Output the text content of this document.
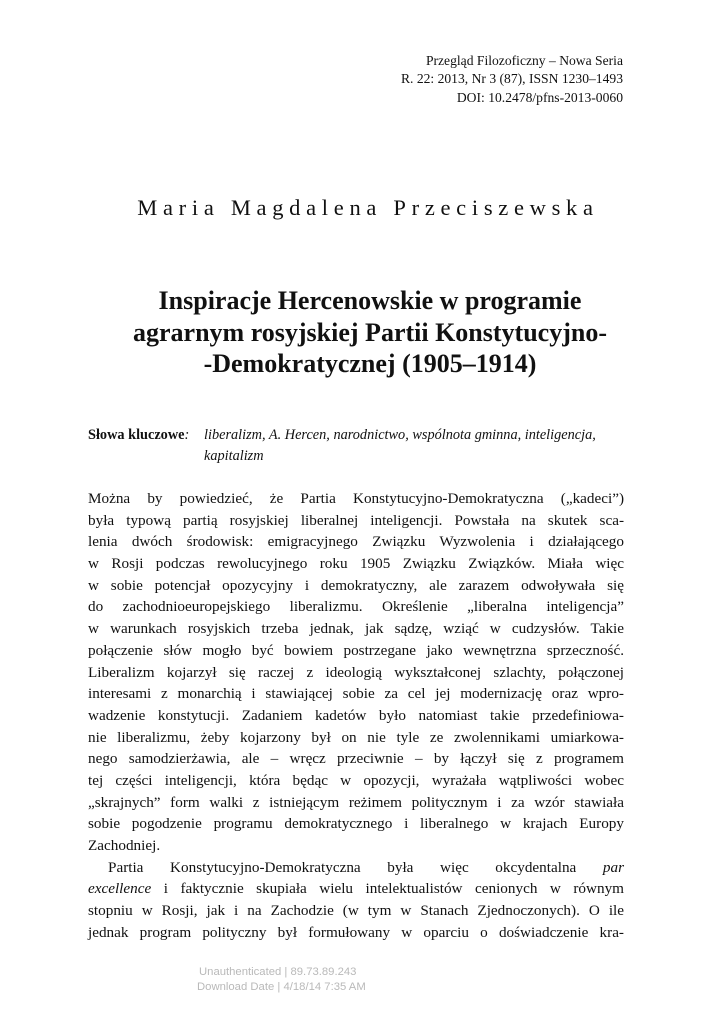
Przegląd Filozoficzny – Nowa Seria
R. 22: 2013, Nr 3 (87), ISSN 1230–1493
DOI: 10.2478/pfns-2013-0060
Maria Magdalena Przeciszewska
Inspiracje Hercenowskie w programie
agrarnym rosyjskiej Partii Konstytucyjno-
-Demokratycznej (1905–1914)
Słowa kluczowe: liberalizm, A. Hercen, narodnictwo, wspólnota gminna, inteligencja,
kapitalizm
Można by powiedzieć, że Partia Konstytucyjno-Demokratyczna („kadeci”)
była typową partią rosyjskiej liberalnej inteligencji. Powstała na skutek sca-
lenia dwóch środowisk: emigracyjnego Związku Wyzwolenia i działającego
w Rosji podczas rewolucyjnego roku 1905 Związku Związków. Miała więc
w sobie potencjał opozycyjny i demokratyczny, ale zarazem odwoływała się
do zachodnioeuropejskiego liberalizmu. Określenie „liberalna inteligencja”
w warunkach rosyjskich trzeba jednak, jak sądzę, wziąć w cudzysłów. Takie
połączenie słów mogło być bowiem postrzegane jako wewnętrzna sprzeczność.
Liberalizm kojarzył się raczej z ideologią wykształconej szlachty, połączonej
interesami z monarchią i stawiającej sobie za cel jej modernizację oraz wpro-
wadzenie konstytucji. Zadaniem kadetów było natomiast takie przedefiniowa-
nie liberalizmu, żeby kojarzony był on nie tyle ze zwolennikami umiarkowa-
nego samodzierżawia, ale – wręcz przeciwnie – by łączył się z programem
tej części inteligencji, która będąc w opozycji, wyrażała wątpliwości wobec
„skrajnych” form walki z istniejącym reżimem politycznym i za wzór stawiała
sobie pogodzenie programu demokratycznego i liberalnego w krajach Europy
Zachodniej.
Partia Konstytucyjno-Demokratyczna była więc okcydentalna par
excellence i faktycznie skupiała wielu intelektualistów cenionych w równym
stopniu w Rosji, jak i na Zachodzie (w tym w Stanach Zjednoczonych). O ile
jednak program polityczny był formułowany w oparciu o doświadczenie kra-
Unauthenticated | 89.73.89.243
Download Date | 4/18/14 7:35 AM
